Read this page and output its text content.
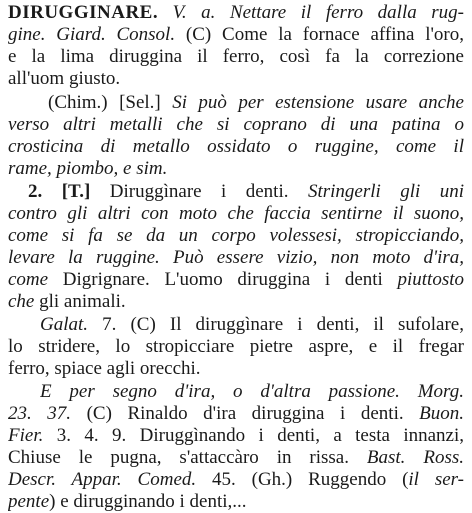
DIRUGGINARE. V. a. Nettare il ferro dalla rug-
gine. Giard. Consol. (C) Come la fornace affina l'oro,
e la lima diruggina il ferro, così fa la correzione
all'uom giusto.
(Chim.) [Sel.] Si può per estensione usare anche
verso altri metalli che si coprano di una patina o
crosticina di metallo ossidato o ruggine, come il
rame, piombo, e sim.
2. [T.] Diruggìnare i denti. Stringerli gli uni
contro gli altri con moto che faccia sentirne il suono,
come si fa se da un corpo volessesi, stropicciando,
levare la ruggine. Può essere vizio, non moto d'ira,
come Digrignare. L'uomo diruggina i denti piuttosto
che gli animali.
Galat. 7. (C) Il diruggìnare i denti, il sufolare,
lo stridere, lo stropicciare pietre aspre, e il fregar
ferro, spiace agli orecchi.
E per segno d'ira, o d'altra passione. Morg.
23. 37. (C) Rinaldo d'ira diruggina i denti. Buon.
Fier. 3. 4. 9. Diruggìnando i denti, a testa innanzi,
Chiuse le pugna, s'attaccàro in rissa. Bast. Ross.
Descr. Appar. Comed. 45. (Gh.) Ruggendo (il ser-
pente) e dirugginando i denti,...
